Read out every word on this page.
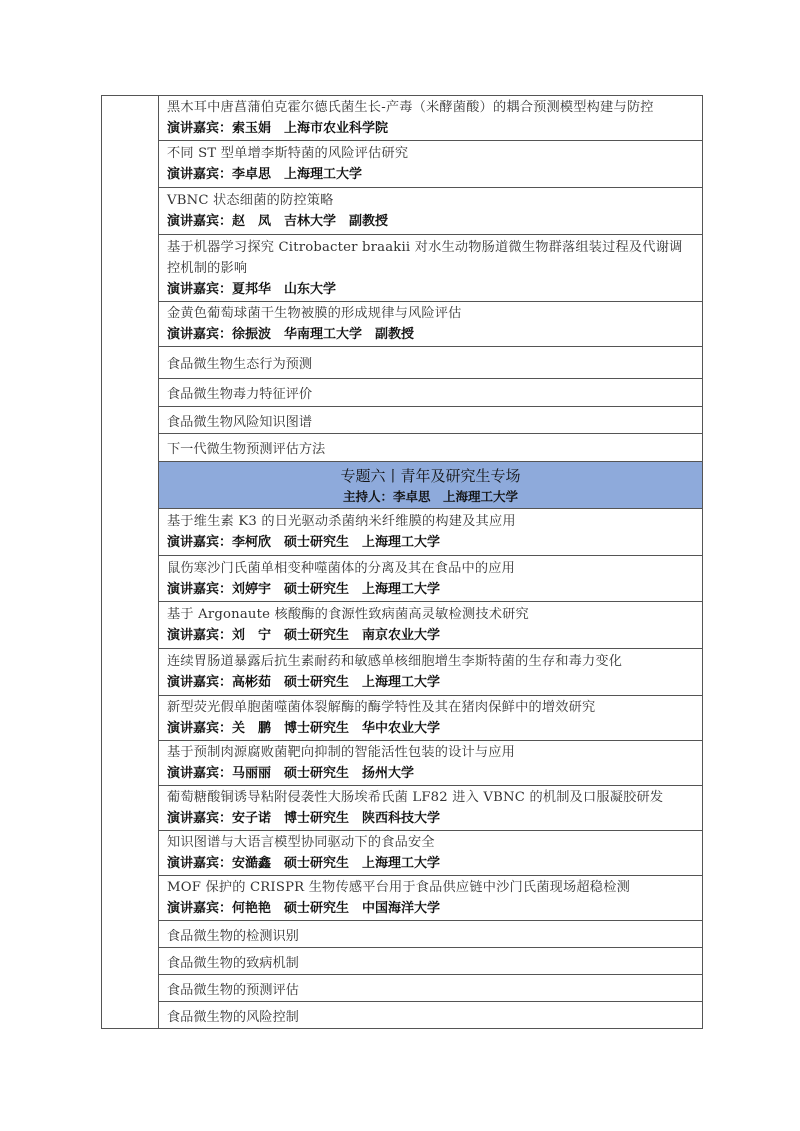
黑木耳中唐菖蒲伯克霍尔德氏菌生长-产毒（米酵菌酸）的耦合预测模型构建与防控
演讲嘉宾：索玉娟　上海市农业科学院

不同 ST 型单增李斯特菌的风险评估研究
演讲嘉宾：李卓思　上海理工大学

VBNC 状态细菌的防控策略
演讲嘉宾：赵　凤　吉林大学　副教授

基于机器学习探究 Citrobacter braakii 对水生动物肠道微生物群落组装过程及代谢调控机制的影响
演讲嘉宾：夏邦华　山东大学

金黄色葡萄球菌干生物被膜的形成规律与风险评估
演讲嘉宾：徐振波　华南理工大学　副教授

食品微生物生态行为预测
食品微生物毒力特征评价
食品微生物风险知识图谱
下一代微生物预测评估方法

专题六丨青年及研究生专场
主持人：李卓思　上海理工大学

基于维生素 K3 的日光驱动杀菌纳米纤维膜的构建及其应用
演讲嘉宾：李柯欣　硕士研究生　上海理工大学

鼠伤寒沙门氏菌单相变种噬菌体的分离及其在食品中的应用
演讲嘉宾：刘婷宇　硕士研究生　上海理工大学

基于 Argonaute 核酸酶的食源性致病菌高灵敏检测技术研究
演讲嘉宾：刘　宁　硕士研究生　南京农业大学

连续胃肠道暴露后抗生素耐药和敏感单核细胞增生李斯特菌的生存和毒力变化
演讲嘉宾：高彬茹　硕士研究生　上海理工大学

新型荧光假单胞菌噬菌体裂解酶的酶学特性及其在猪肉保鲜中的增效研究
演讲嘉宾：关　鹏　博士研究生　华中农业大学

基于预制肉源腐败菌靶向抑制的智能活性包装的设计与应用
演讲嘉宾：马丽丽　硕士研究生　扬州大学

葡萄糖酸铜诱导粘附侵袭性大肠埃希氏菌 LF82 进入 VBNC 的机制及口服凝胶研发
演讲嘉宾：安子诺　博士研究生　陕西科技大学

知识图谱与大语言模型协同驱动下的食品安全
演讲嘉宾：安澔鑫　硕士研究生　上海理工大学

MOF 保护的 CRISPR 生物传感平台用于食品供应链中沙门氏菌现场超稳检测
演讲嘉宾：何艳艳　硕士研究生　中国海洋大学

食品微生物的检测识别
食品微生物的致病机制
食品微生物的预测评估
食品微生物的风险控制
